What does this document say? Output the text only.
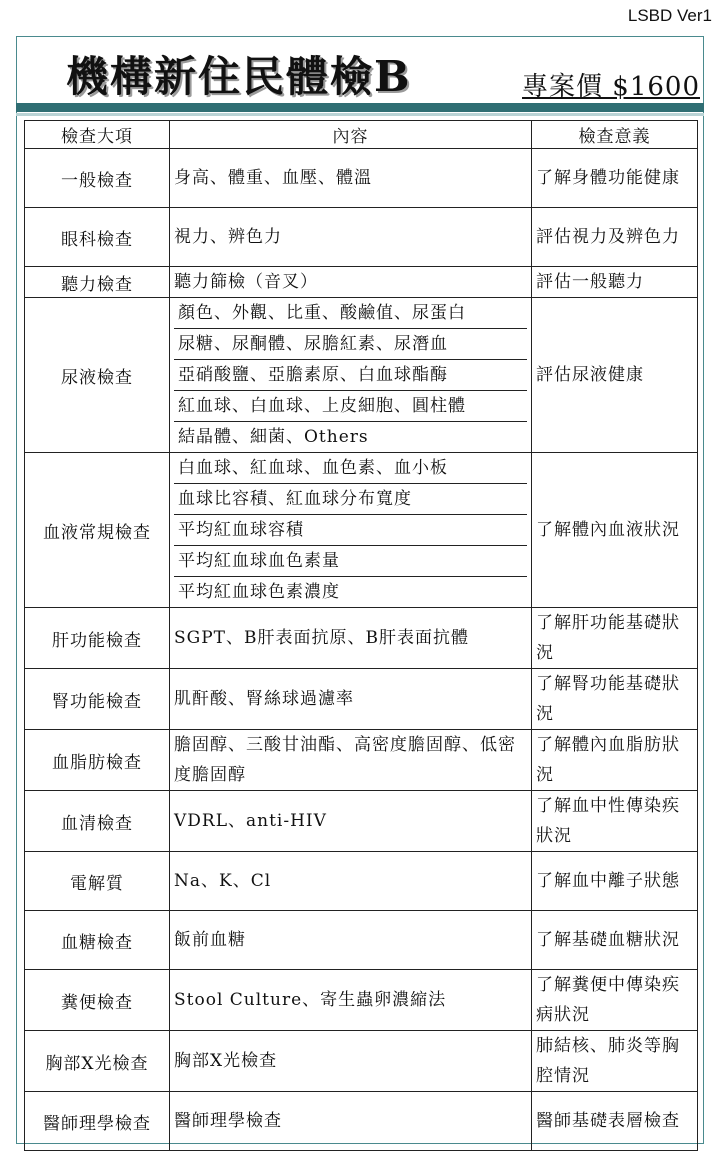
LSBD Ver1
機構新住民體檢B	專案價 $1600
檢查大項	內容	檢查意義
一般檢查	身高、體重、血壓、體溫	了解身體功能健康
眼科檢查	視力、辨色力	評估視力及辨色力
聽力檢查	聽力篩檢（音叉）	評估一般聽力
尿液檢查	顏色、外觀、比重、酸鹼值、尿蛋白
尿糖、尿酮體、尿膽紅素、尿潛血
亞硝酸鹽、亞膽素原、白血球酯酶
紅血球、白血球、上皮細胞、圓柱體
結晶體、細菌、Others	評估尿液健康
血液常規檢查	白血球、紅血球、血色素、血小板
血球比容積、紅血球分布寬度
平均紅血球容積
平均紅血球血色素量
平均紅血球色素濃度	了解體內血液狀況
肝功能檢查	SGPT、B肝表面抗原、B肝表面抗體	了解肝功能基礎狀況
腎功能檢查	肌酐酸、腎絲球過濾率	了解腎功能基礎狀況
血脂肪檢查	膽固醇、三酸甘油酯、高密度膽固醇、低密度膽固醇	了解體內血脂肪狀況
血清檢查	VDRL、anti-HIV	了解血中性傳染疾狀況
電解質	Na、K、Cl	了解血中離子狀態
血糖檢查	飯前血糖	了解基礎血糖狀況
糞便檢查	Stool Culture、寄生蟲卵濃縮法	了解糞便中傳染疾病狀況
胸部X光檢查	胸部X光檢查	肺結核、肺炎等胸腔情況
醫師理學檢查	醫師理學檢查	醫師基礎表層檢查
